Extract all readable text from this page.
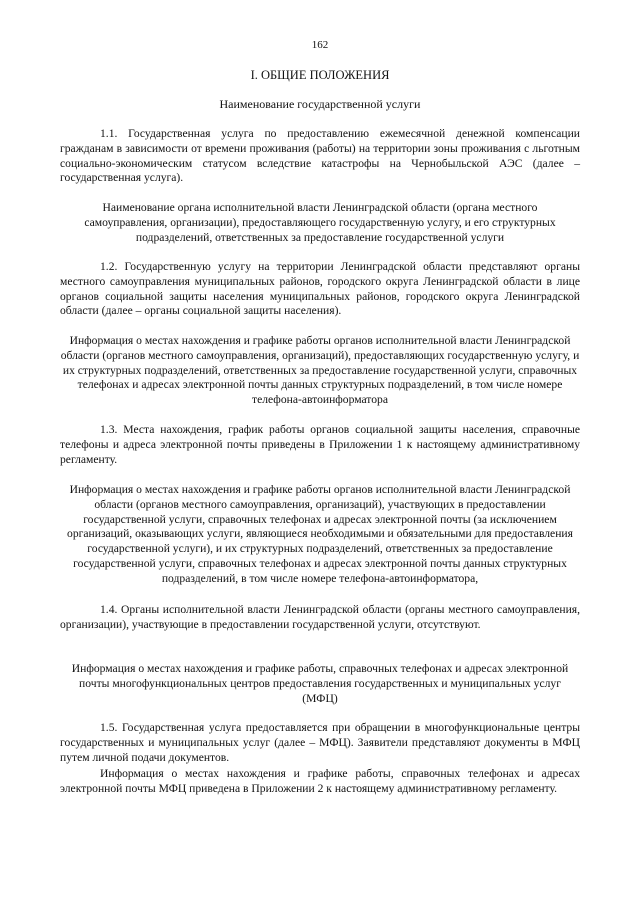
162
I. ОБЩИЕ ПОЛОЖЕНИЯ
Наименование государственной услуги

1.1. Государственная услуга по предоставлению ежемесячной денежной компенсации гражданам в зависимости от времени проживания (работы) на территории зоны проживания с льготным социально-экономическим статусом вследствие катастрофы на Чернобыльской АЭС (далее – государственная услуга).

Наименование органа исполнительной власти Ленинградской области (органа местного самоуправления, организации), предоставляющего государственную услугу, и его структурных подразделений, ответственных за предоставление государственной услуги

1.2. Государственную услугу на территории Ленинградской области представляют органы местного самоуправления муниципальных районов, городского округа Ленинградской области в лице органов социальной защиты населения муниципальных районов, городского округа Ленинградской области (далее – органы социальной защиты населения).

Информация о местах нахождения и графике работы органов исполнительной власти Ленинградской области (органов местного самоуправления, организаций), предоставляющих государственную услугу, и их структурных подразделений, ответственных за предоставление государственной услуги, справочных телефонах и адресах электронной почты данных структурных подразделений, в том числе номере телефона-автоинформатора

1.3. Места нахождения, график работы органов социальной защиты населения, справочные телефоны и адреса электронной почты приведены в Приложении 1 к настоящему административному регламенту.

Информация о местах нахождения и графике работы органов исполнительной власти Ленинградской области (органов местного самоуправления, организаций), участвующих в предоставлении государственной услуги, справочных телефонах и адресах электронной почты (за исключением организаций, оказывающих услуги, являющиеся необходимыми и обязательными для предоставления государственной услуги), и их структурных подразделений, ответственных за предоставление государственной услуги, справочных телефонах и адресах электронной почты данных структурных подразделений, в том числе номере телефона-автоинформатора,

1.4. Органы исполнительной власти Ленинградской области (органы местного самоуправления, организации), участвующие в предоставлении государственной услуги, отсутствуют.

Информация о местах нахождения и графике работы, справочных телефонах и адресах электронной почты многофункциональных центров предоставления государственных и муниципальных услуг (МФЦ)

1.5. Государственная услуга предоставляется при обращении в многофункциональные центры государственных и муниципальных услуг (далее – МФЦ). Заявители представляют документы в МФЦ путем личной подачи документов.

Информация о местах нахождения и графике работы, справочных телефонах и адресах электронной почты МФЦ приведена в Приложении 2 к настоящему административному регламенту.
